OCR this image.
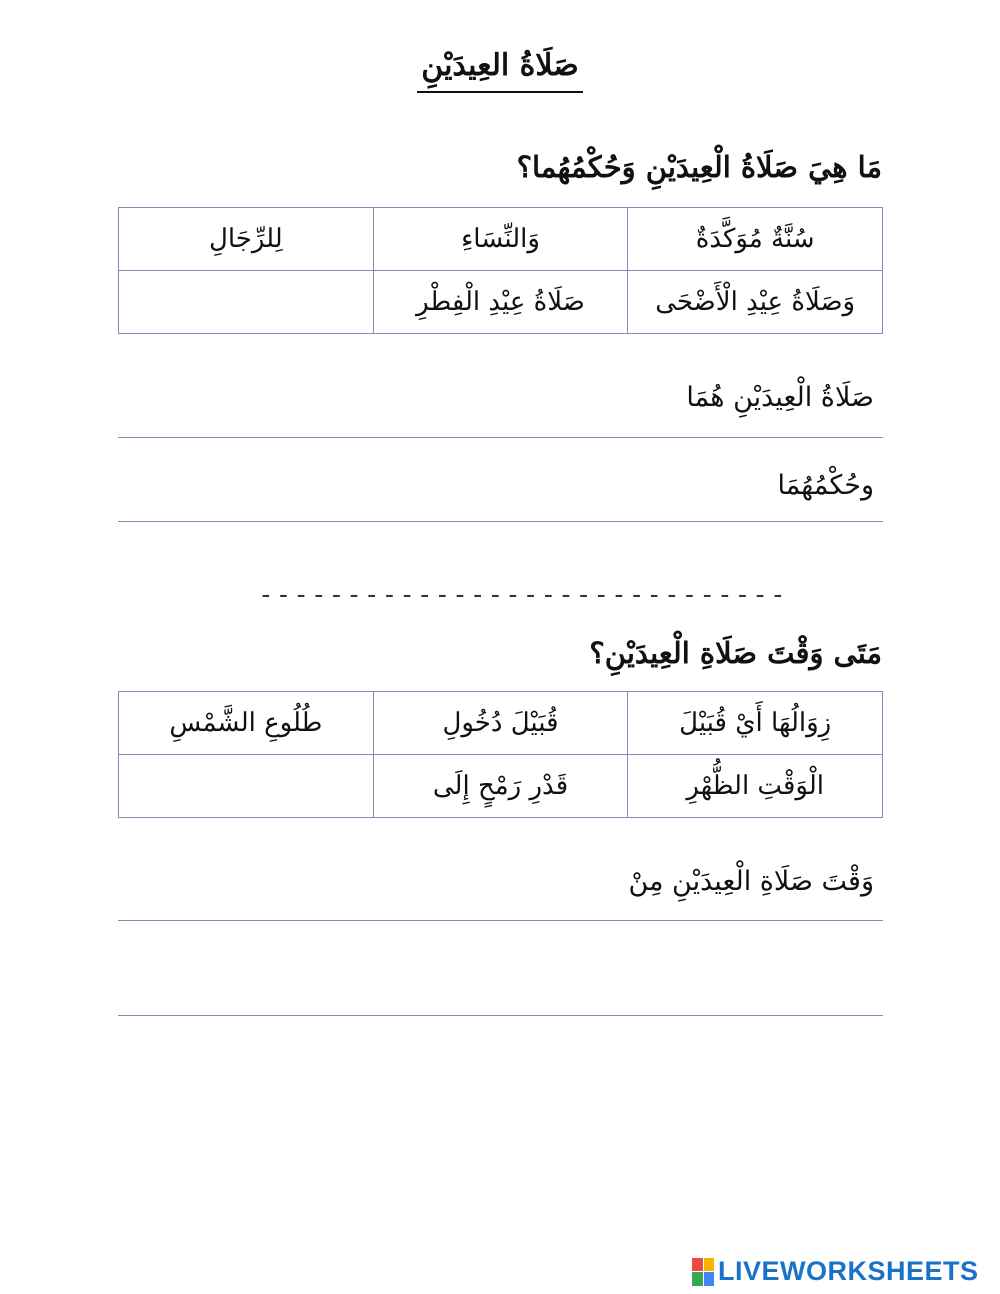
صَلَاةُ العِيدَيْنِ
مَا هِيَ صَلَاةُ الْعِيدَيْنِ وَحُكْمُهُما؟
سُنَّةٌ مُوَكَّدَةٌ	وَالنِّسَاءِ	لِلرِّجَالِ
وَصَلَاةُ عِيْدِ الْأَضْحَى	صَلَاةُ عِيْدِ الْفِطْرِ	
صَلَاةُ الْعِيدَيْنِ هُمَا
وحُكْمُهُمَا
------------------------------
مَتَى وَقْتَ صَلَاةِ الْعِيدَيْنِ؟
زِوَالُهَا أَيْ قُبَيْلَ	قُبَيْلَ دُخُولِ	طُلُوعِ الشَّمْسِ
الْوَقْتِ الظُّهْرِ	قَدْرِ رَمْحٍ إِلَى	
وَقْتَ صَلَاةِ الْعِيدَيْنِ مِنْ
LIVEWORKSHEETS
